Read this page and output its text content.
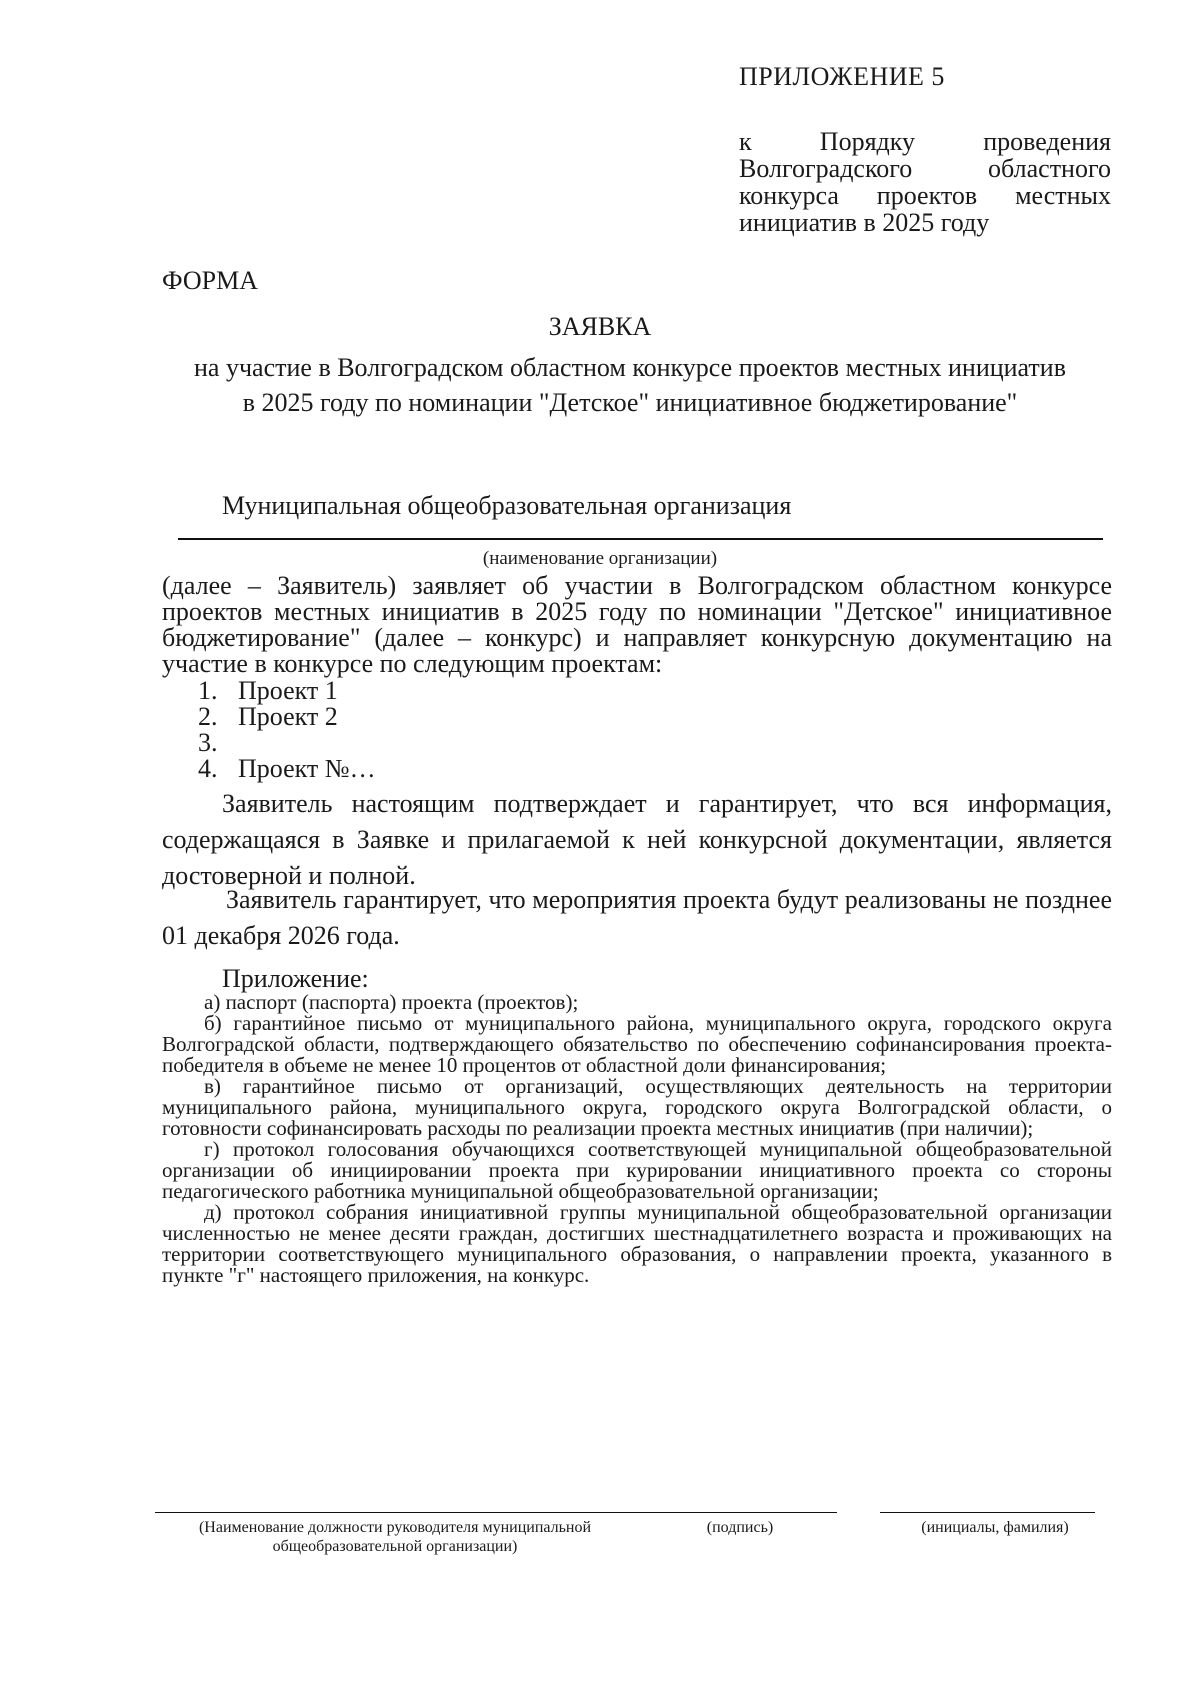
ПРИЛОЖЕНИЕ 5
к Порядку проведения Волгоградского областного конкурса проектов местных инициатив в 2025 году
ФОРМА
ЗАЯВКА
на участие в Волгоградском областном конкурсе проектов местных инициатив в 2025 году по номинации "Детское" инициативное бюджетирование"
Муниципальная общеобразовательная организация
(наименование организации)
(далее – Заявитель) заявляет об участии в Волгоградском областном конкурсе проектов местных инициатив в 2025 году по номинации "Детское" инициативное бюджетирование" (далее – конкурс) и направляет конкурсную документацию на участие в конкурсе по следующим проектам:
1. Проект 1
2. Проект 2
3.
4. Проект №…
Заявитель настоящим подтверждает и гарантирует, что вся информация, содержащаяся в Заявке и прилагаемой к ней конкурсной документации, является достоверной и полной.
Заявитель гарантирует, что мероприятия проекта будут реализованы не позднее 01 декабря 2026 года.
Приложение:

а) паспорт (паспорта) проекта (проектов);

б) гарантийное письмо от муниципального района, муниципального округа, городского округа Волгоградской области, подтверждающего обязательство по обеспечению софинансирования проекта-победителя в объеме не менее 10 процентов от областной доли финансирования;

в) гарантийное письмо от организаций, осуществляющих деятельность на территории муниципального района, муниципального округа, городского округа Волгоградской области, о готовности софинансировать расходы по реализации проекта местных инициатив (при наличии);

г) протокол голосования обучающихся соответствующей муниципальной общеобразовательной организации об инициировании проекта при курировании инициативного проекта со стороны педагогического работника муниципальной общеобразовательной организации;

д) протокол собрания инициативной группы муниципальной общеобразовательной организации численностью не менее десяти граждан, достигших шестнадцатилетнего возраста и проживающих на территории соответствующего муниципального образования, о направлении проекта, указанного в пункте "г" настоящего приложения, на конкурс.

(Наименование должности руководителя муниципальной общеобразовательной организации)
(подпись)	(инициалы, фамилия)
